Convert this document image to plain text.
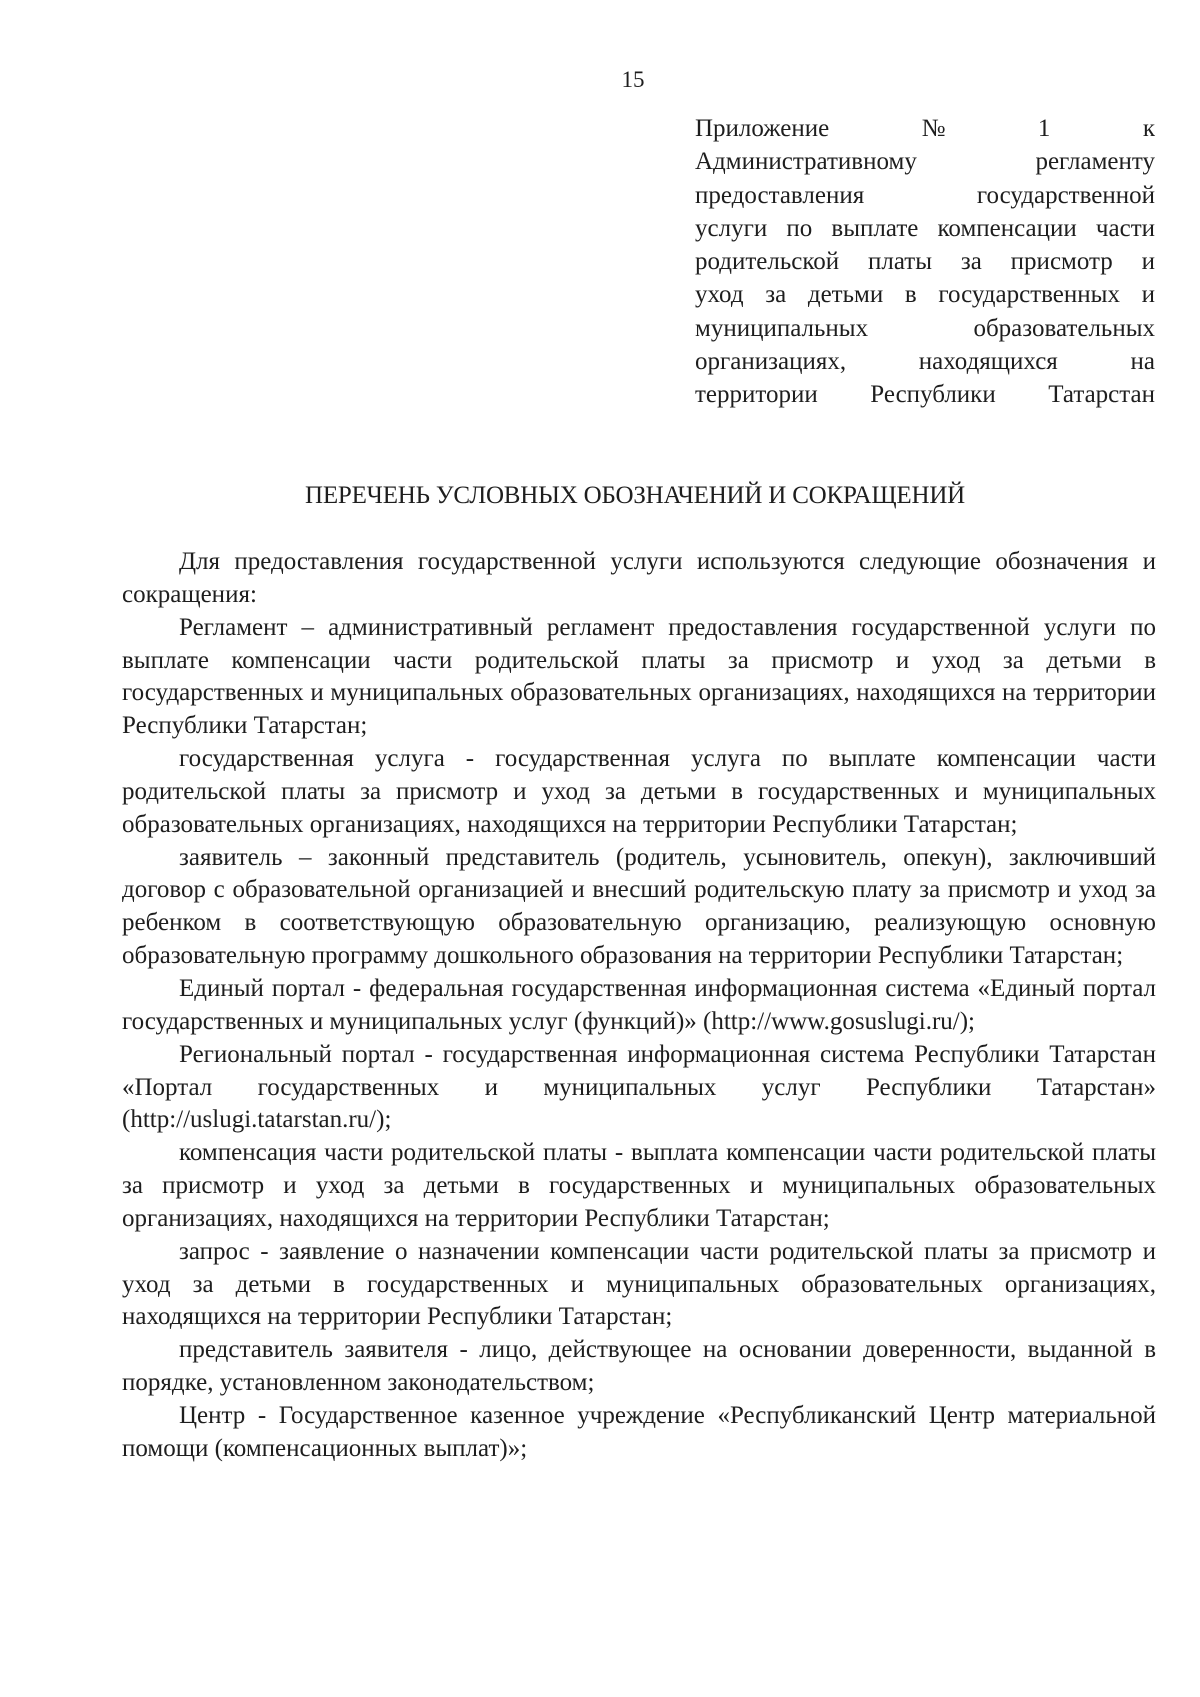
15
Приложение	№	1	к
Административному	регламенту
предоставления	государственной
услуги по выплате компенсации части
родительской платы за присмотр и
уход за детьми в государственных и
муниципальных	образовательных
организациях,	находящихся	на
территории Республики Татарстан
ПЕРЕЧЕНЬ УСЛОВНЫХ ОБОЗНАЧЕНИЙ И СОКРАЩЕНИЙ

Для предоставления государственной услуги используются следующие обозначения и сокращения:

Регламент – административный регламент предоставления государственной услуги по выплате компенсации части родительской платы за присмотр и уход за детьми в государственных и муниципальных образовательных организациях, находящихся на территории Республики Татарстан;

государственная услуга - государственная услуга по выплате компенсации части родительской платы за присмотр и уход за детьми в государственных и муниципальных образовательных организациях, находящихся на территории Республики Татарстан;

заявитель – законный представитель (родитель, усыновитель, опекун), заключивший договор с образовательной организацией и внесший родительскую плату за присмотр и уход за ребенком в соответствующую образовательную организацию, реализующую основную образовательную программу дошкольного образования на территории Республики Татарстан;

Единый портал - федеральная государственная информационная система «Единый портал государственных и муниципальных услуг (функций)» (http://www.gosuslugi.ru/);

Региональный портал - государственная информационная система Республики Татарстан «Портал государственных и муниципальных услуг Республики Татарстан» (http://uslugi.tatarstan.ru/);

компенсация части родительской платы - выплата компенсации части родительской платы за присмотр и уход за детьми в государственных и муниципальных образовательных организациях, находящихся на территории Республики Татарстан;

запрос - заявление о назначении компенсации части родительской платы за присмотр и уход за детьми в государственных и муниципальных образовательных организациях, находящихся на территории Республики Татарстан;

представитель заявителя - лицо, действующее на основании доверенности, выданной в порядке, установленном законодательством;

Центр - Государственное казенное учреждение «Республиканский Центр материальной помощи (компенсационных выплат)»;
